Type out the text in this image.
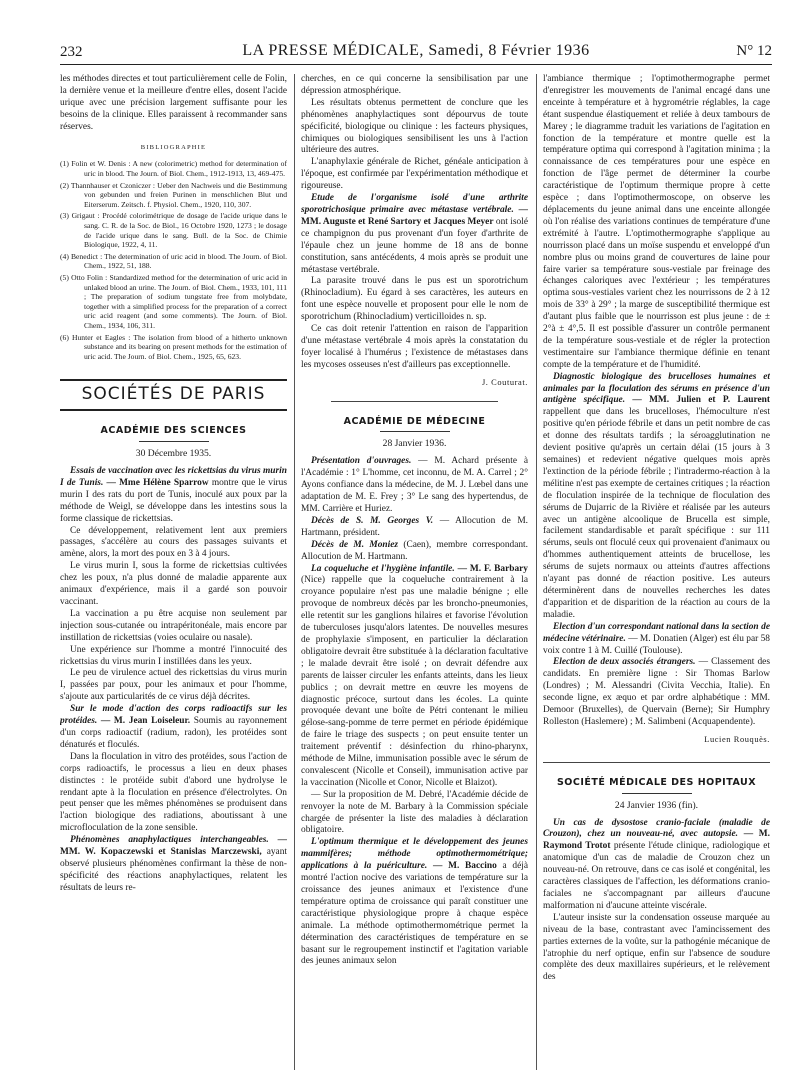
232	LA PRESSE MÉDICALE, Samedi, 8 Février 1936	N° 12

les méthodes directes et tout particulièrement celle de Folin, la dernière venue et la meilleure d'entre elles, dosent l'acide urique avec une précision largement suffisante pour les besoins de la clinique. Elles paraissent à recommander sans réserves.

BIBLIOGRAPHIE
(1) Folin et W. Denis : A new (colorimetric) method for determination of uric in blood. The Journ. of Biol. Chem., 1912-1913, 13, 469-475.
(2) Thannhauser et Czoniczer : Ueber den Nachweis und die Bestimmung von gebunden und freien Purinen in menschlichen Blut und Eiterserum. Zeitsch. f. Physiol. Chem., 1920, 110, 307.
(3) Grigaut : Procédé colorimétrique de dosage de l'acide urique dans le sang. C. R. de la Soc. de Biol., 16 Octobre 1920, 1273 ; le dosage de l'acide urique dans le sang. Bull. de la Soc. de Chimie Biologique, 1922, 4, 11.
(4) Benedict : The determination of uric acid in blood. The Journ. of Biol. Chem., 1922, 51, 188.
(5) Otto Folin : Standardized method for the determination of uric acid in unlaked blood an urine. The Journ. of Biol. Chem., 1933, 101, 111 ; The preparation of sodium tungstate free from molybdate, together with a simplified process for the preparation of a correct uric acid reagent (and some comments). The Journ. of Biol. Chem., 1934, 106, 311.
(6) Hunter et Eagles : The isolation from blood of a hitherto unknown substance and its bearing on present methods for the estimation of uric acid. The Journ. of Biol. Chem., 1925, 65, 623.
SOCIÉTÉS DE PARIS
ACADÉMIE DES SCIENCES
30 Décembre 1935.

Essais de vaccination avec les rickettsias du virus murin I de Tunis. — Mme Hélène Sparrow montre que le virus murin I des rats du port de Tunis, inoculé aux poux par la méthode de Weigl, se développe dans les intestins sous la forme classique de rickettsias.

Ce développement, relativement lent aux premiers passages, s'accélère au cours des passages suivants et amène, alors, la mort des poux en 3 à 4 jours.

Le virus murin I, sous la forme de rickettsias cultivées chez les poux, n'a plus donné de maladie apparente aux animaux d'expérience, mais il a gardé son pouvoir vaccinant.

La vaccination a pu être acquise non seulement par injection sous-cutanée ou intrapéritonéale, mais encore par instillation de rickettsias (voies oculaire ou nasale).

Une expérience sur l'homme a montré l'innocuité des rickettsias du virus murin I instillées dans les yeux.

Le peu de virulence actuel des rickettsias du virus murin I, passées par poux, pour les animaux et pour l'homme, s'ajoute aux particularités de ce virus déjà décrites.

Sur le mode d'action des corps radioactifs sur les protéides. — M. Jean Loiseleur. Soumis au rayonnement d'un corps radioactif (radium, radon), les protéides sont dénaturés et floculés.

Dans la floculation in vitro des protéides, sous l'action de corps radioactifs, le processus a lieu en deux phases distinctes : le protéide subit d'abord une hydrolyse le rendant apte à la floculation en présence d'électrolytes. On peut penser que les mêmes phénomènes se produisent dans l'action biologique des radiations, aboutissant à une microfloculation de la zone sensible.

Phénomènes anaphylactiques interchangeables. — MM. W. Kopaczewski et Stanislas Marczewski, ayant observé plusieurs phénomènes confirmant la thèse de non-spécificité des réactions anaphylactiques, relatent les résultats de leurs re-

cherches, en ce qui concerne la sensibilisation par une dépression atmosphérique.

Les résultats obtenus permettent de conclure que les phénomènes anaphylactiques sont dépourvus de toute spécificité, biologique ou clinique : les facteurs physiques, chimiques ou biologiques sensibilisent les uns à l'action ultérieure des autres.

L'anaphylaxie générale de Richet, généale anticipation à l'époque, est confirmée par l'expérimentation méthodique et rigoureuse.

Etude de l'organisme isolé d'une arthrite sporotrichosique primaire avec métastase vertébrale. — MM. Auguste et René Sartory et Jacques Meyer ont isolé ce champignon du pus provenant d'un foyer d'arthrite de l'épaule chez un jeune homme de 18 ans de bonne constitution, sans antécédents, 4 mois après se produit une métastase vertébrale.

La parasite trouvé dans le pus est un sporotrichum (Rhinocladium). Eu égard à ses caractères, les auteurs en font une espèce nouvelle et proposent pour elle le nom de sporotrichum (Rhinocladium) verticilloides n. sp.

Ce cas doit retenir l'attention en raison de l'apparition d'une métastase vertébrale 4 mois après la constatation du foyer localisé à l'humérus ; l'existence de métastases dans les mycoses osseuses n'est d'ailleurs pas exceptionnelle.

J. Couturat.
ACADÉMIE DE MÉDECINE
28 Janvier 1936.

Présentation d'ouvrages. — M. Achard présente à l'Académie : 1° L'homme, cet inconnu, de M. A. Carrel ; 2° Ayons confiance dans la médecine, de M. J. Lœbel dans une adaptation de M. E. Frey ; 3° Le sang des hypertendus, de MM. Carrière et Huriez.

Décès de S. M. Georges V. — Allocution de M. Hartmann, président.

Décès de M. Moniez (Caen), membre correspondant. Allocution de M. Hartmann.

La coqueluche et l'hygiène infantile. — M. F. Barbary (Nice) rappelle que la coqueluche contrairement à la croyance populaire n'est pas une maladie bénigne ; elle provoque de nombreux décès par les broncho-pneumonies, elle retentit sur les ganglions hilaires et favorise l'évolution de tuberculoses jusqu'alors latentes. De nouvelles mesures de prophylaxie s'imposent, en particulier la déclaration obligatoire devrait être substituée à la déclaration facultative ; le malade devrait être isolé ; on devrait défendre aux parents de laisser circuler les enfants atteints, dans les lieux publics ; on devrait mettre en œuvre les moyens de diagnostic précoce, surtout dans les écoles. La quinte provoquée devant une boîte de Pétri contenant le milieu gélose-sang-pomme de terre permet en période épidémique de faire le triage des suspects ; on peut ensuite tenter un traitement préventif : désinfection du rhino-pharynx, méthode de Milne, immunisation possible avec le sérum de convalescent (Nicolle et Conseil), immunisation active par la vaccination (Nicolle et Conor, Nicolle et Blaizot).

— Sur la proposition de M. Debré, l'Académie décide de renvoyer la note de M. Barbary à la Commission spéciale chargée de présenter la liste des maladies à déclaration obligatoire.

L'optimum thermique et le développement des jeunes mammifères; méthode optimothermométrique; applications à la puériculture. — M. Baccino a déjà montré l'action nocive des variations de température sur la croissance des jeunes animaux et l'existence d'une température optima de croissance qui paraît constituer une caractéristique physiologique propre à chaque espèce animale. La méthode optimothermométrique permet la détermination des caractéristiques de température en se basant sur le regroupement instinctif et l'agitation variable des jeunes animaux selon

l'ambiance thermique ; l'optimothermographe permet d'enregistrer les mouvements de l'animal encagé dans une enceinte à température et à hygrométrie réglables, la cage étant suspendue élastiquement et reliée à deux tambours de Marey ; le diagramme traduit les variations de l'agitation en fonction de la température et montre quelle est la température optima qui correspond à l'agitation minima ; la connaissance de ces températures pour une espèce en fonction de l'âge permet de déterminer la courbe caractéristique de l'optimum thermique propre à cette espèce ; dans l'optimothermoscope, on observe les déplacements du jeune animal dans une enceinte allongée où l'on réalise des variations continues de température d'une extrémité à l'autre. L'optimothermographe s'applique au nourrisson placé dans un moïse suspendu et enveloppé d'un nombre plus ou moins grand de couvertures de laine pour faire varier sa température sous-vestiale par freinage des échanges caloriques avec l'extérieur ; les températures optima sous-vestiales varient chez les nourrissons de 2 à 12 mois de 33° à 29° ; la marge de susceptibilité thermique est d'autant plus faible que le nourrisson est plus jeune : de ± 2°à ± 4°,5. Il est possible d'assurer un contrôle permanent de la température sous-vestiale et de régler la protection vestimentaire sur l'ambiance thermique définie en tenant compte de la température et de l'humidité.

Diagnostic biologique des brucelloses humaines et animales par la floculation des sérums en présence d'un antigène spécifique. — MM. Julien et P. Laurent rappellent que dans les brucelloses, l'hémoculture n'est positive qu'en période fébrile et dans un petit nombre de cas et donne des résultats tardifs ; la séroagglutination ne devient positive qu'après un certain délai (15 jours à 3 semaines) et redevient négative quelques mois après l'extinction de la période fébrile ; l'intradermo-réaction à la mélitine n'est pas exempte de certaines critiques ; la réaction de floculation inspirée de la technique de floculation des sérums de Dujarric de la Rivière et réalisée par les auteurs avec un antigène alcoolique de Brucella est simple, facilement standardisable et paraît spécifique : sur 111 sérums, seuls ont floculé ceux qui provenaient d'animaux ou d'hommes authentiquement atteints de brucellose, les sérums de sujets normaux ou atteints d'autres affections n'ayant pas donné de réaction positive. Les auteurs déterminèrent dans de nouvelles recherches les dates d'apparition et de disparition de la réaction au cours de la maladie.

Election d'un correspondant national dans la section de médecine vétérinaire. — M. Donatien (Alger) est élu par 58 voix contre 1 à M. Cuillé (Toulouse).

Election de deux associés étrangers. — Classement des candidats. En première ligne : Sir Thomas Barlow (Londres) ; M. Alessandri (Civita Vecchia, Italie). En seconde ligne, ex æquo et par ordre alphabétique : MM. Demoor (Bruxelles), de Quervain (Berne); Sir Humphry Rolleston (Haslemere) ; M. Salimbeni (Acquapendente).

Lucien Rouquès.
SOCIÉTÉ MÉDICALE DES HOPITAUX
24 Janvier 1936 (fin).

Un cas de dysostose cranio-faciale (maladie de Crouzon), chez un nouveau-né, avec autopsie. — M. Raymond Trotot présente l'étude clinique, radiologique et anatomique d'un cas de maladie de Crouzon chez un nouveau-né. On retrouve, dans ce cas isolé et congénital, les caractères classiques de l'affection, les déformations cranio-faciales ne s'accompagnant par ailleurs d'aucune malformation ni d'aucune atteinte viscérale.

L'auteur insiste sur la condensation osseuse marquée au niveau de la base, contrastant avec l'amincissement des parties externes de la voûte, sur la pathogénie mécanique de l'atrophie du nerf optique, enfin sur l'absence de soudure complète des deux maxillaires supérieurs, et le relèvement des
